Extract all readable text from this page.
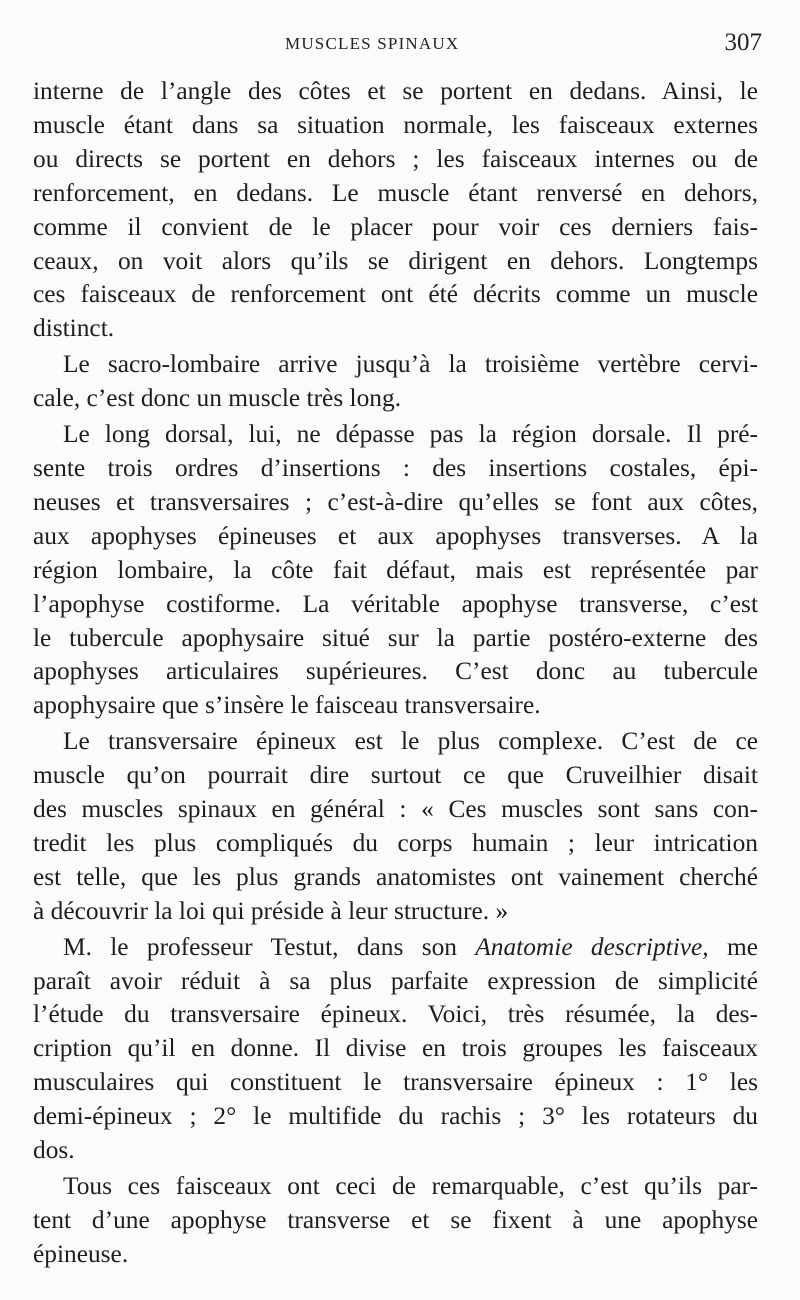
MUSCLES SPINAUX	307

interne de l’angle des côtes et se portent en dedans. Ainsi, le

muscle étant dans sa situation normale, les faisceaux externes

ou directs se portent en dehors ; les faisceaux internes ou de

renforcement, en dedans. Le muscle étant renversé en dehors,

comme il convient de le placer pour voir ces derniers fais-

ceaux, on voit alors qu’ils se dirigent en dehors. Longtemps

ces faisceaux de renforcement ont été décrits comme un muscle

distinct.

Le sacro-lombaire arrive jusqu’à la troisième vertèbre cervi-

cale, c’est donc un muscle très long.

Le long dorsal, lui, ne dépasse pas la région dorsale. Il pré-

sente trois ordres d’insertions : des insertions costales, épi-

neuses et transversaires ; c’est-à-dire qu’elles se font aux côtes,

aux apophyses épineuses et aux apophyses transverses. A la

région lombaire, la côte fait défaut, mais est représentée par

l’apophyse costiforme. La véritable apophyse transverse, c’est

le tubercule apophysaire situé sur la partie postéro-externe des

apophyses articulaires supérieures. C’est donc au tubercule

apophysaire que s’insère le faisceau transversaire.

Le transversaire épineux est le plus complexe. C’est de ce

muscle qu’on pourrait dire surtout ce que Cruveilhier disait

des muscles spinaux en général : « Ces muscles sont sans con-

tredit les plus compliqués du corps humain ; leur intrication

est telle, que les plus grands anatomistes ont vainement cherché

à découvrir la loi qui préside à leur structure. »

M. le professeur Testut, dans son Anatomie descriptive, me

paraît avoir réduit à sa plus parfaite expression de simplicité

l’étude du transversaire épineux. Voici, très résumée, la des-

cription qu’il en donne. Il divise en trois groupes les faisceaux

musculaires qui constituent le transversaire épineux : 1° les

demi-épineux ; 2° le multifide du rachis ; 3° les rotateurs du

dos.

Tous ces faisceaux ont ceci de remarquable, c’est qu’ils par-

tent d’une apophyse transverse et se fixent à une apophyse

épineuse.
